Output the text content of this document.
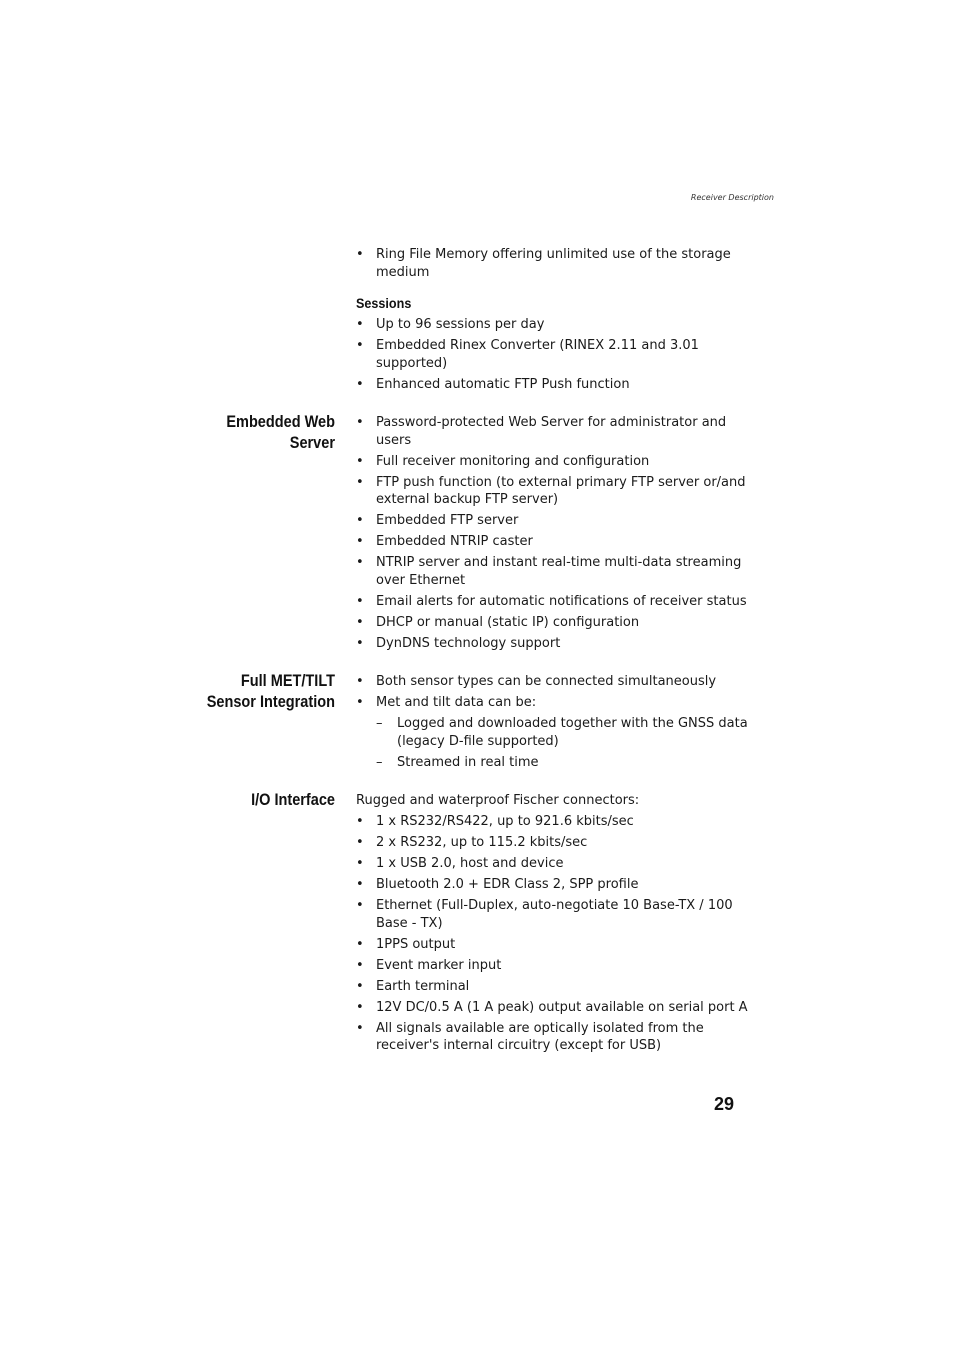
Receiver Description
• Ring File Memory offering unlimited use of the storage
medium
Sessions
• Up to 96 sessions per day
• Embedded Rinex Converter (RINEX 2.11 and 3.01
supported)
• Enhanced automatic FTP Push function
Embedded Web
Server
• Password-protected Web Server for administrator and
users
• Full receiver monitoring and configuration
• FTP push function (to external primary FTP server or/and
external backup FTP server)
• Embedded FTP server
• Embedded NTRIP caster
• NTRIP server and instant real-time multi-data streaming
over Ethernet
• Email alerts for automatic notifications of receiver status
• DHCP or manual (static IP) configuration
• DynDNS technology support
Full MET/TILT
Sensor Integration
• Both sensor types can be connected simultaneously
• Met and tilt data can be:
–	Logged and downloaded together with the GNSS data
(legacy D-file supported)
–	Streamed in real time
I/O Interface Rugged and waterproof Fischer connectors:
• 1 x RS232/RS422, up to 921.6 kbits/sec
• 2 x RS232, up to 115.2 kbits/sec
• 1 x USB 2.0, host and device
• Bluetooth 2.0 + EDR Class 2, SPP profile
• Ethernet (Full-Duplex, auto-negotiate 10 Base-TX / 100
Base - TX)
• 1PPS output
• Event marker input
• Earth terminal
• 12V DC/0.5 A (1 A peak) output available on serial port A
• All signals available are optically isolated from the
receiver's internal circuitry (except for USB)
29
